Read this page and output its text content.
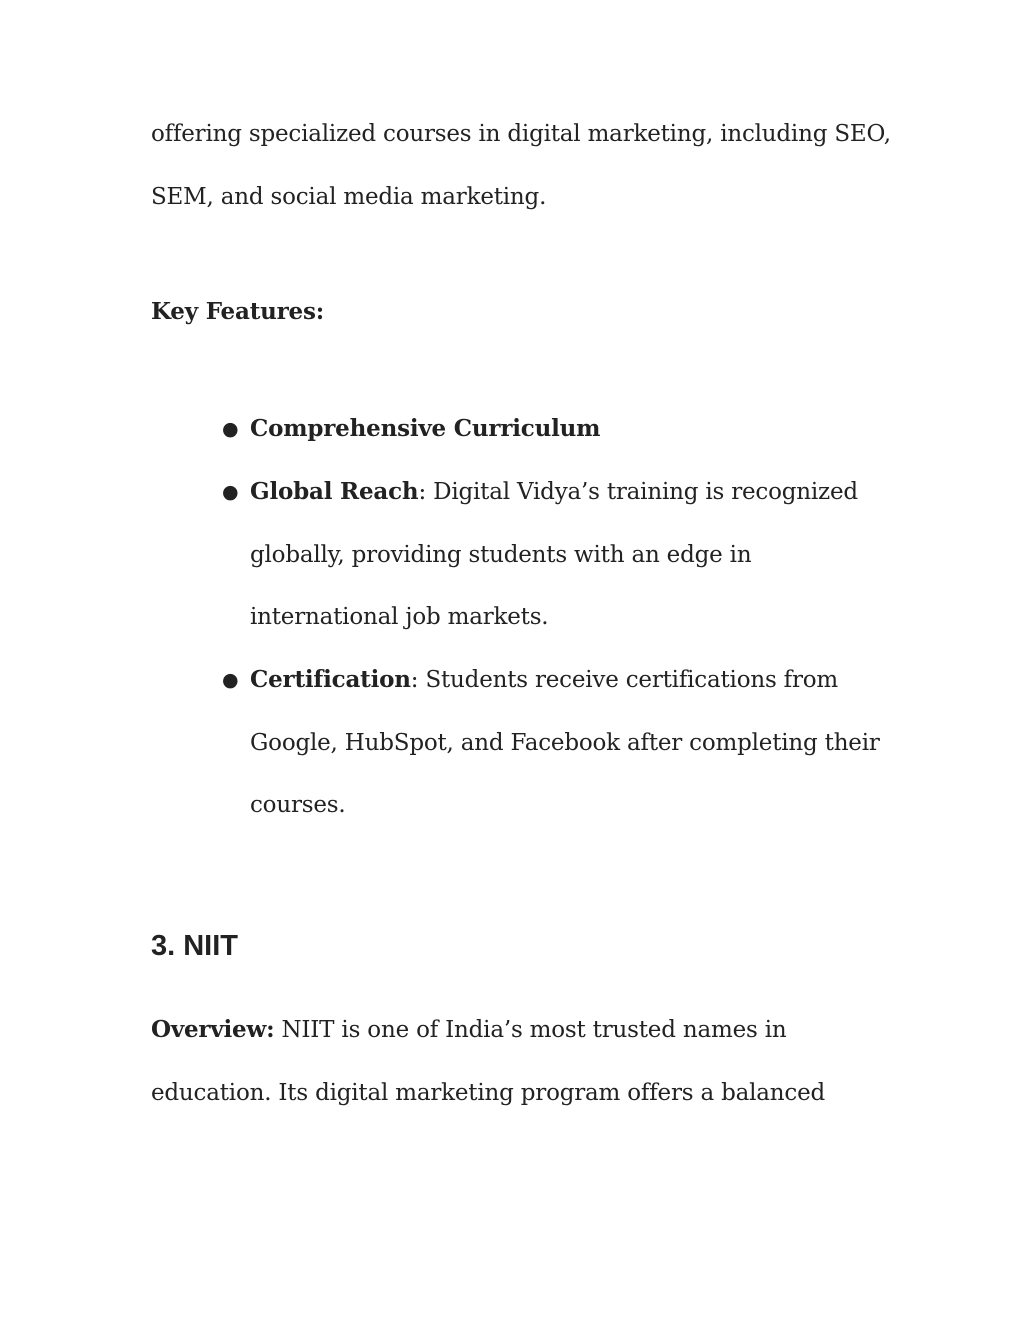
offering specialized courses in digital marketing, including SEO,
SEM, and social media marketing.
Key Features:
● Comprehensive Curriculum
● Global Reach: Digital Vidya’s training is recognized
globally, providing students with an edge in
international job markets.
● Certification: Students receive certifications from
Google, HubSpot, and Facebook after completing their
courses.
3. NIIT
Overview: NIIT is one of India’s most trusted names in
education. Its digital marketing program offers a balanced
